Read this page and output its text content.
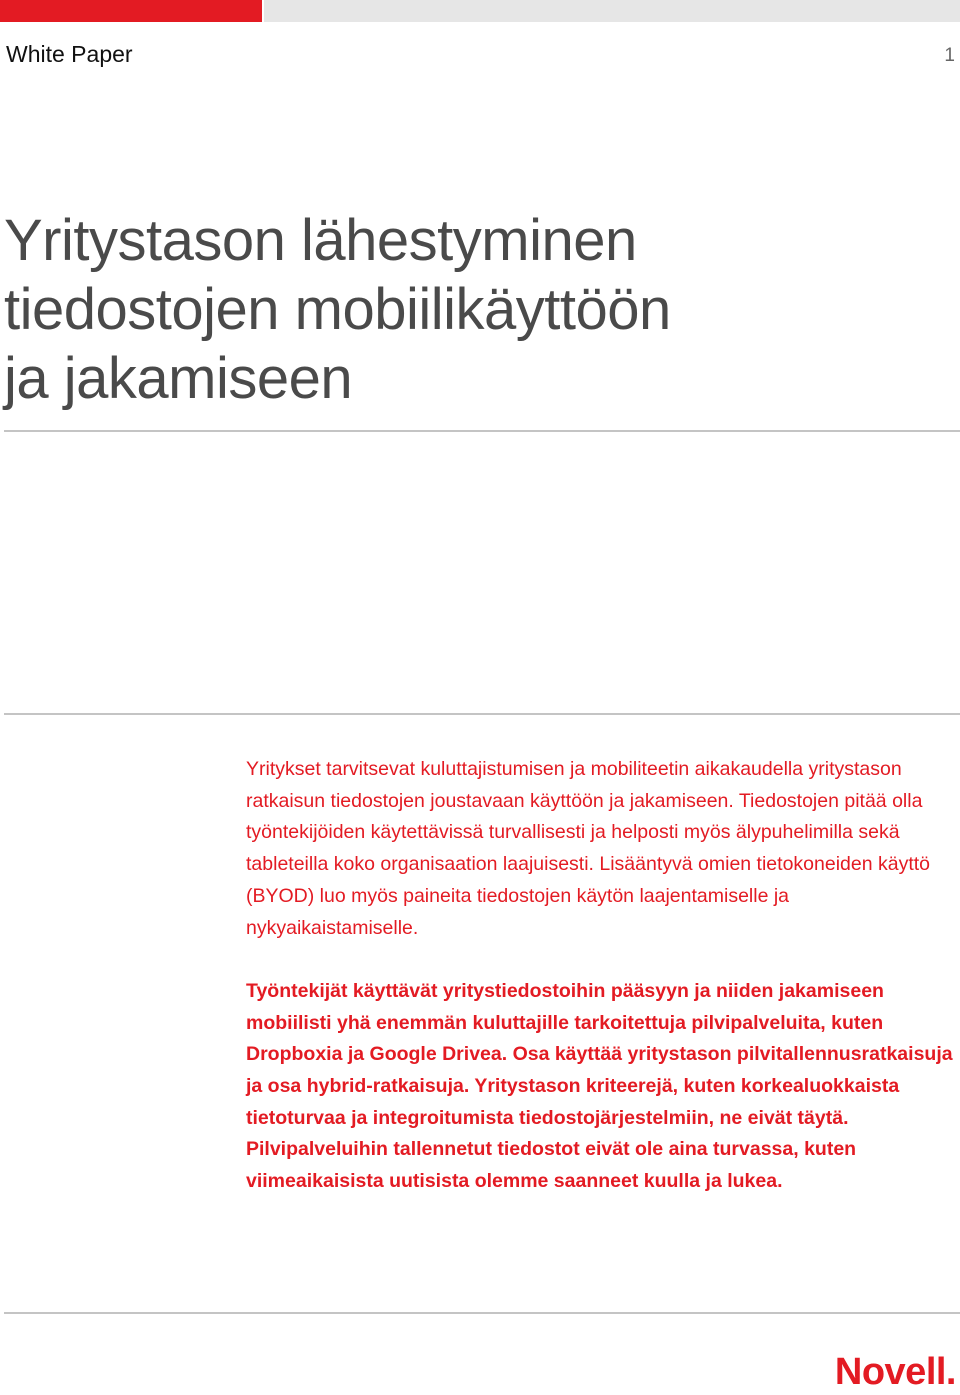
White Paper	1
Yritystason lähestyminen
tiedostojen mobiilikäyttöön
ja jakamiseen

Yritykset tarvitsevat kuluttajistumisen ja mobiliteetin aikakaudella yritystason ratkaisun tiedostojen joustavaan käyttöön ja jakamiseen. Tiedostojen pitää olla työntekijöiden käytettävissä turvallisesti ja helposti myös älypuhelimilla sekä tableteilla koko organisaation laajuisesti. Lisääntyvä omien tietokoneiden käyttö (BYOD) luo myös paineita tiedostojen käytön laajentamiselle ja nykyaikaistamiselle.

Työntekijät käyttävät yritystiedostoihin pääsyyn ja niiden jakamiseen mobiilisti yhä enemmän kuluttajille tarkoitettuja pilvipalveluita, kuten Dropboxia ja Google Drivea. Osa käyttää yritystason pilvitallennusratkaisuja ja osa hybrid-ratkaisuja. Yritystason kriteerejä, kuten korkealuokkaista tietoturvaa ja integroitumista tiedostojärjestelmiin, ne eivät täytä. Pilvipalveluihin tallennetut tiedostot eivät ole aina turvassa, kuten viimeaikaisista uutisista olemme saanneet kuulla ja lukea.

Novell.
